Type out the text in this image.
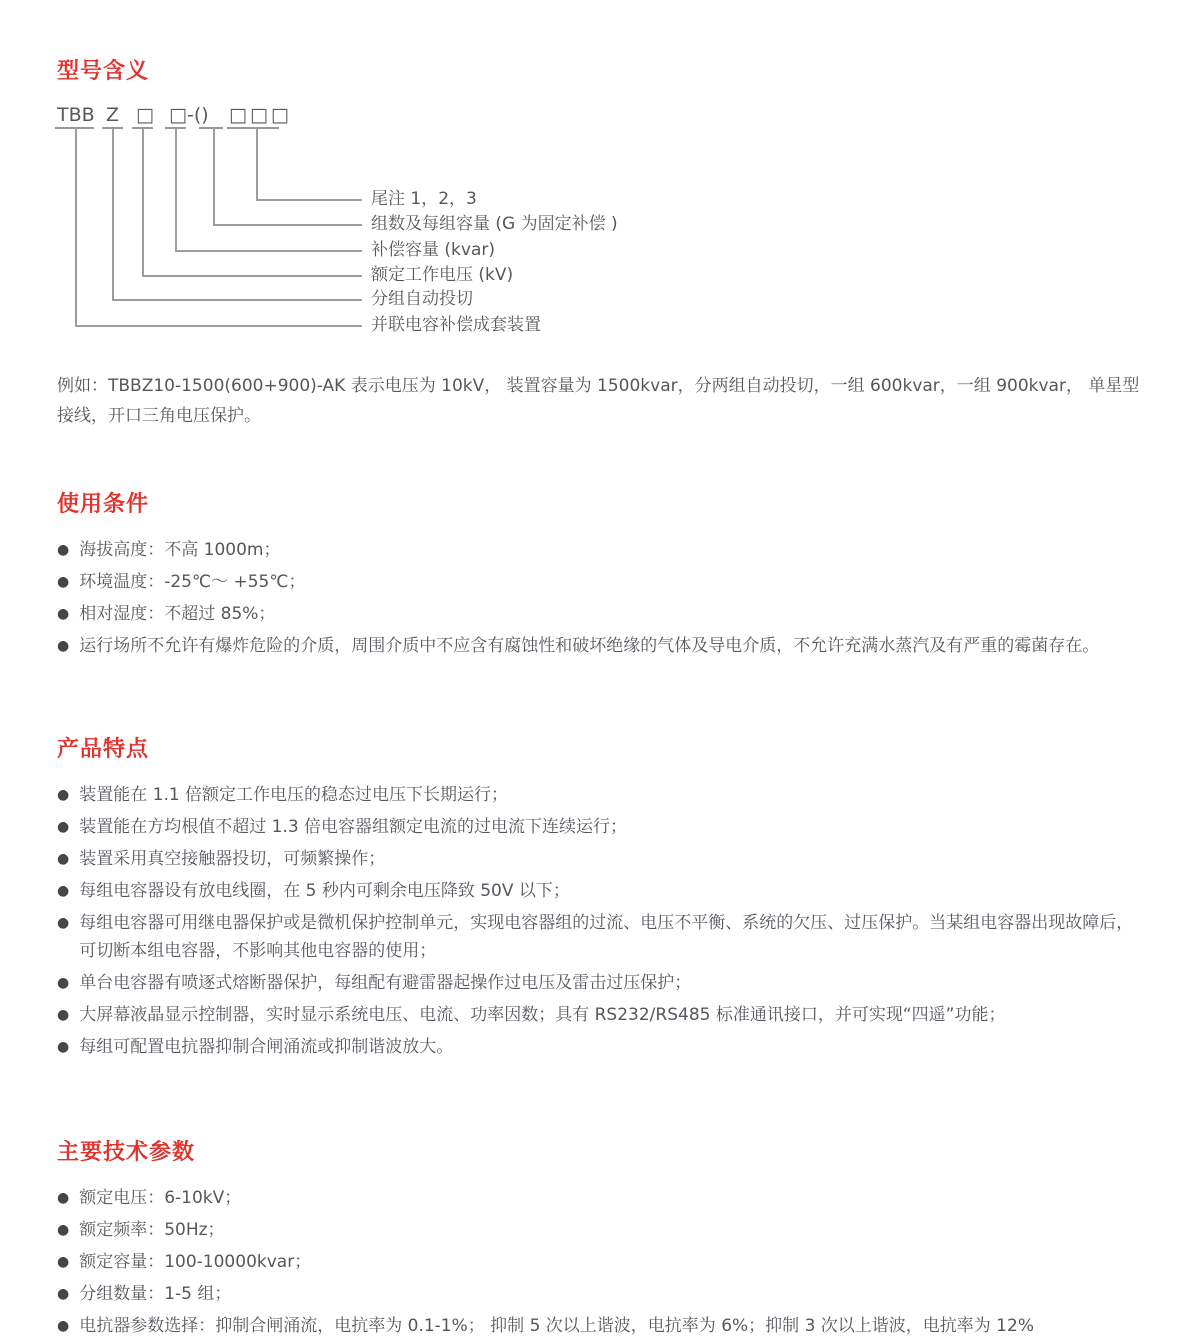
型号含义
TBB Z □ □ -() □□□
尾注 1，2，3
组数及每组容量 (G 为固定补偿 )
补偿容量 (kvar)
额定工作电压 (kV)
分组自动投切
并联电容补偿成套装置

例如：TBBZ10-1500(600+900)-AK 表示电压为 10kV， 装置容量为 1500kvar，分两组自动投切，一组 600kvar，一组 900kvar， 单星型接线，开口三角电压保护。

使用条件
● 海拔高度：不高 1000m；
● 环境温度：-25℃～ +55℃；
● 相对湿度：不超过 85%；
● 运行场所不允许有爆炸危险的介质，周围介质中不应含有腐蚀性和破坏绝缘的气体及导电介质，不允许充满水蒸汽及有严重的霉菌存在。
产品特点
● 装置能在 1.1 倍额定工作电压的稳态过电压下长期运行；
● 装置能在方均根值不超过 1.3 倍电容器组额定电流的过电流下连续运行；
● 装置采用真空接触器投切，可频繁操作；
● 每组电容器设有放电线圈，在 5 秒内可剩余电压降致 50V 以下；
● 每组电容器可用继电器保护或是微机保护控制单元，实现电容器组的过流、电压不平衡、系统的欠压、过压保护。当某组电容器出现故障后，可切断本组电容器，不影响其他电容器的使用；
● 单台电容器有喷逐式熔断器保护，每组配有避雷器起操作过电压及雷击过压保护；
● 大屏幕液晶显示控制器，实时显示系统电压、电流、功率因数；具有 RS232/RS485 标准通讯接口，并可实现“四遥”功能；
● 每组可配置电抗器抑制合闸涌流或抑制谐波放大。
主要技术参数
● 额定电压：6-10kV；
● 额定频率：50Hz；
● 额定容量：100-10000kvar；
● 分组数量：1-5 组；
● 电抗器参数选择：抑制合闸涌流，电抗率为 0.1-1%； 抑制 5 次以上谐波，电抗率为 6%；抑制 3 次以上谐波，电抗率为 12%
